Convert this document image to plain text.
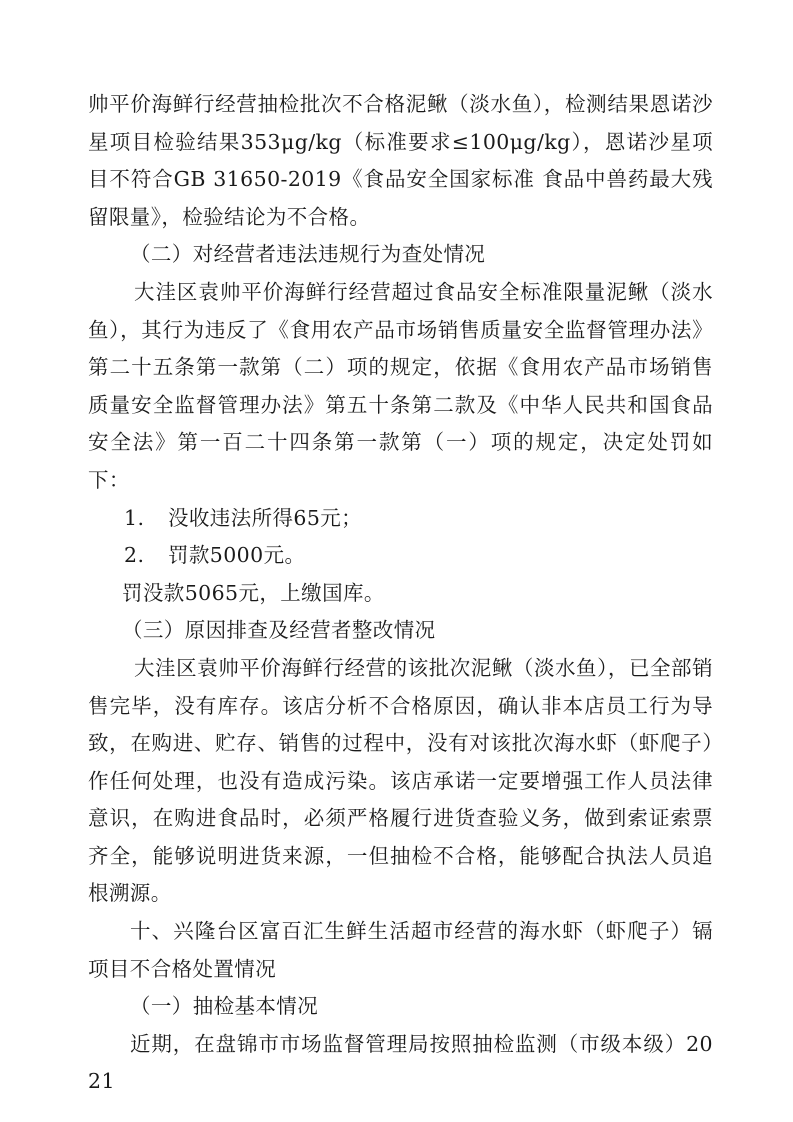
帅平价海鲜行经营抽检批次不合格泥鳅（淡水鱼），检测结果恩诺沙星项目检验结果353μg/kg（标准要求≤100μg/kg），恩诺沙星项目不符合GB 31650-2019《食品安全国家标准 食品中兽药最大残留限量》，检验结论为不合格。

（二）对经营者违法违规行为查处情况

大洼区袁帅平价海鲜行经营超过食品安全标准限量泥鳅（淡水鱼），其行为违反了《食用农产品市场销售质量安全监督管理办法》第二十五条第一款第（二）项的规定，依据《食用农产品市场销售质量安全监督管理办法》第五十条第二款及《中华人民共和国食品安全法》第一百二十四条第一款第（一）项的规定，决定处罚如下：

1. 没收违法所得65元；

2. 罚款5000元。

罚没款5065元，上缴国库。

（三）原因排查及经营者整改情况

大洼区袁帅平价海鲜行经营的该批次泥鳅（淡水鱼），已全部销售完毕，没有库存。该店分析不合格原因，确认非本店员工行为导致，在购进、贮存、销售的过程中，没有对该批次海水虾（虾爬子）作任何处理，也没有造成污染。该店承诺一定要增强工作人员法律意识，在购进食品时，必须严格履行进货查验义务，做到索证索票齐全，能够说明进货来源，一但抽检不合格，能够配合执法人员追根溯源。

十、兴隆台区富百汇生鲜生活超市经营的海水虾（虾爬子）镉项目不合格处置情况

（一）抽检基本情况

近期，在盘锦市市场监督管理局按照抽检监测（市级本级）2021
